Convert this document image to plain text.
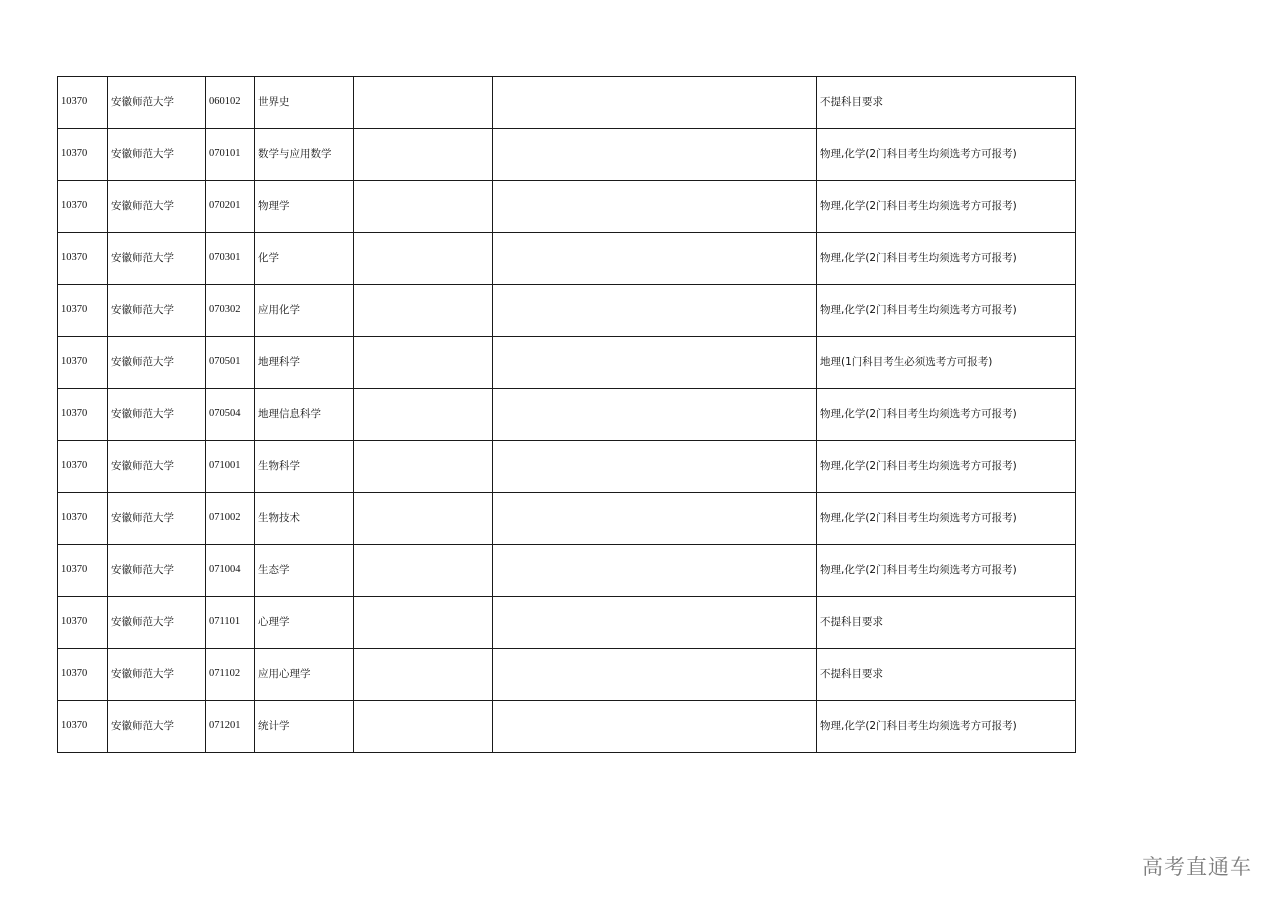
10370	安徽师范大学	060102	世界史			不提科目要求
10370	安徽师范大学	070101	数学与应用数学			物理,化学(2门科目考生均须选考方可报考)
10370	安徽师范大学	070201	物理学			物理,化学(2门科目考生均须选考方可报考)
10370	安徽师范大学	070301	化学			物理,化学(2门科目考生均须选考方可报考)
10370	安徽师范大学	070302	应用化学			物理,化学(2门科目考生均须选考方可报考)
10370	安徽师范大学	070501	地理科学			地理(1门科目考生必须选考方可报考)
10370	安徽师范大学	070504	地理信息科学			物理,化学(2门科目考生均须选考方可报考)
10370	安徽师范大学	071001	生物科学			物理,化学(2门科目考生均须选考方可报考)
10370	安徽师范大学	071002	生物技术			物理,化学(2门科目考生均须选考方可报考)
10370	安徽师范大学	071004	生态学			物理,化学(2门科目考生均须选考方可报考)
10370	安徽师范大学	071101	心理学			不提科目要求
10370	安徽师范大学	071102	应用心理学			不提科目要求
10370	安徽师范大学	071201	统计学			物理,化学(2门科目考生均须选考方可报考)
高考直通车
